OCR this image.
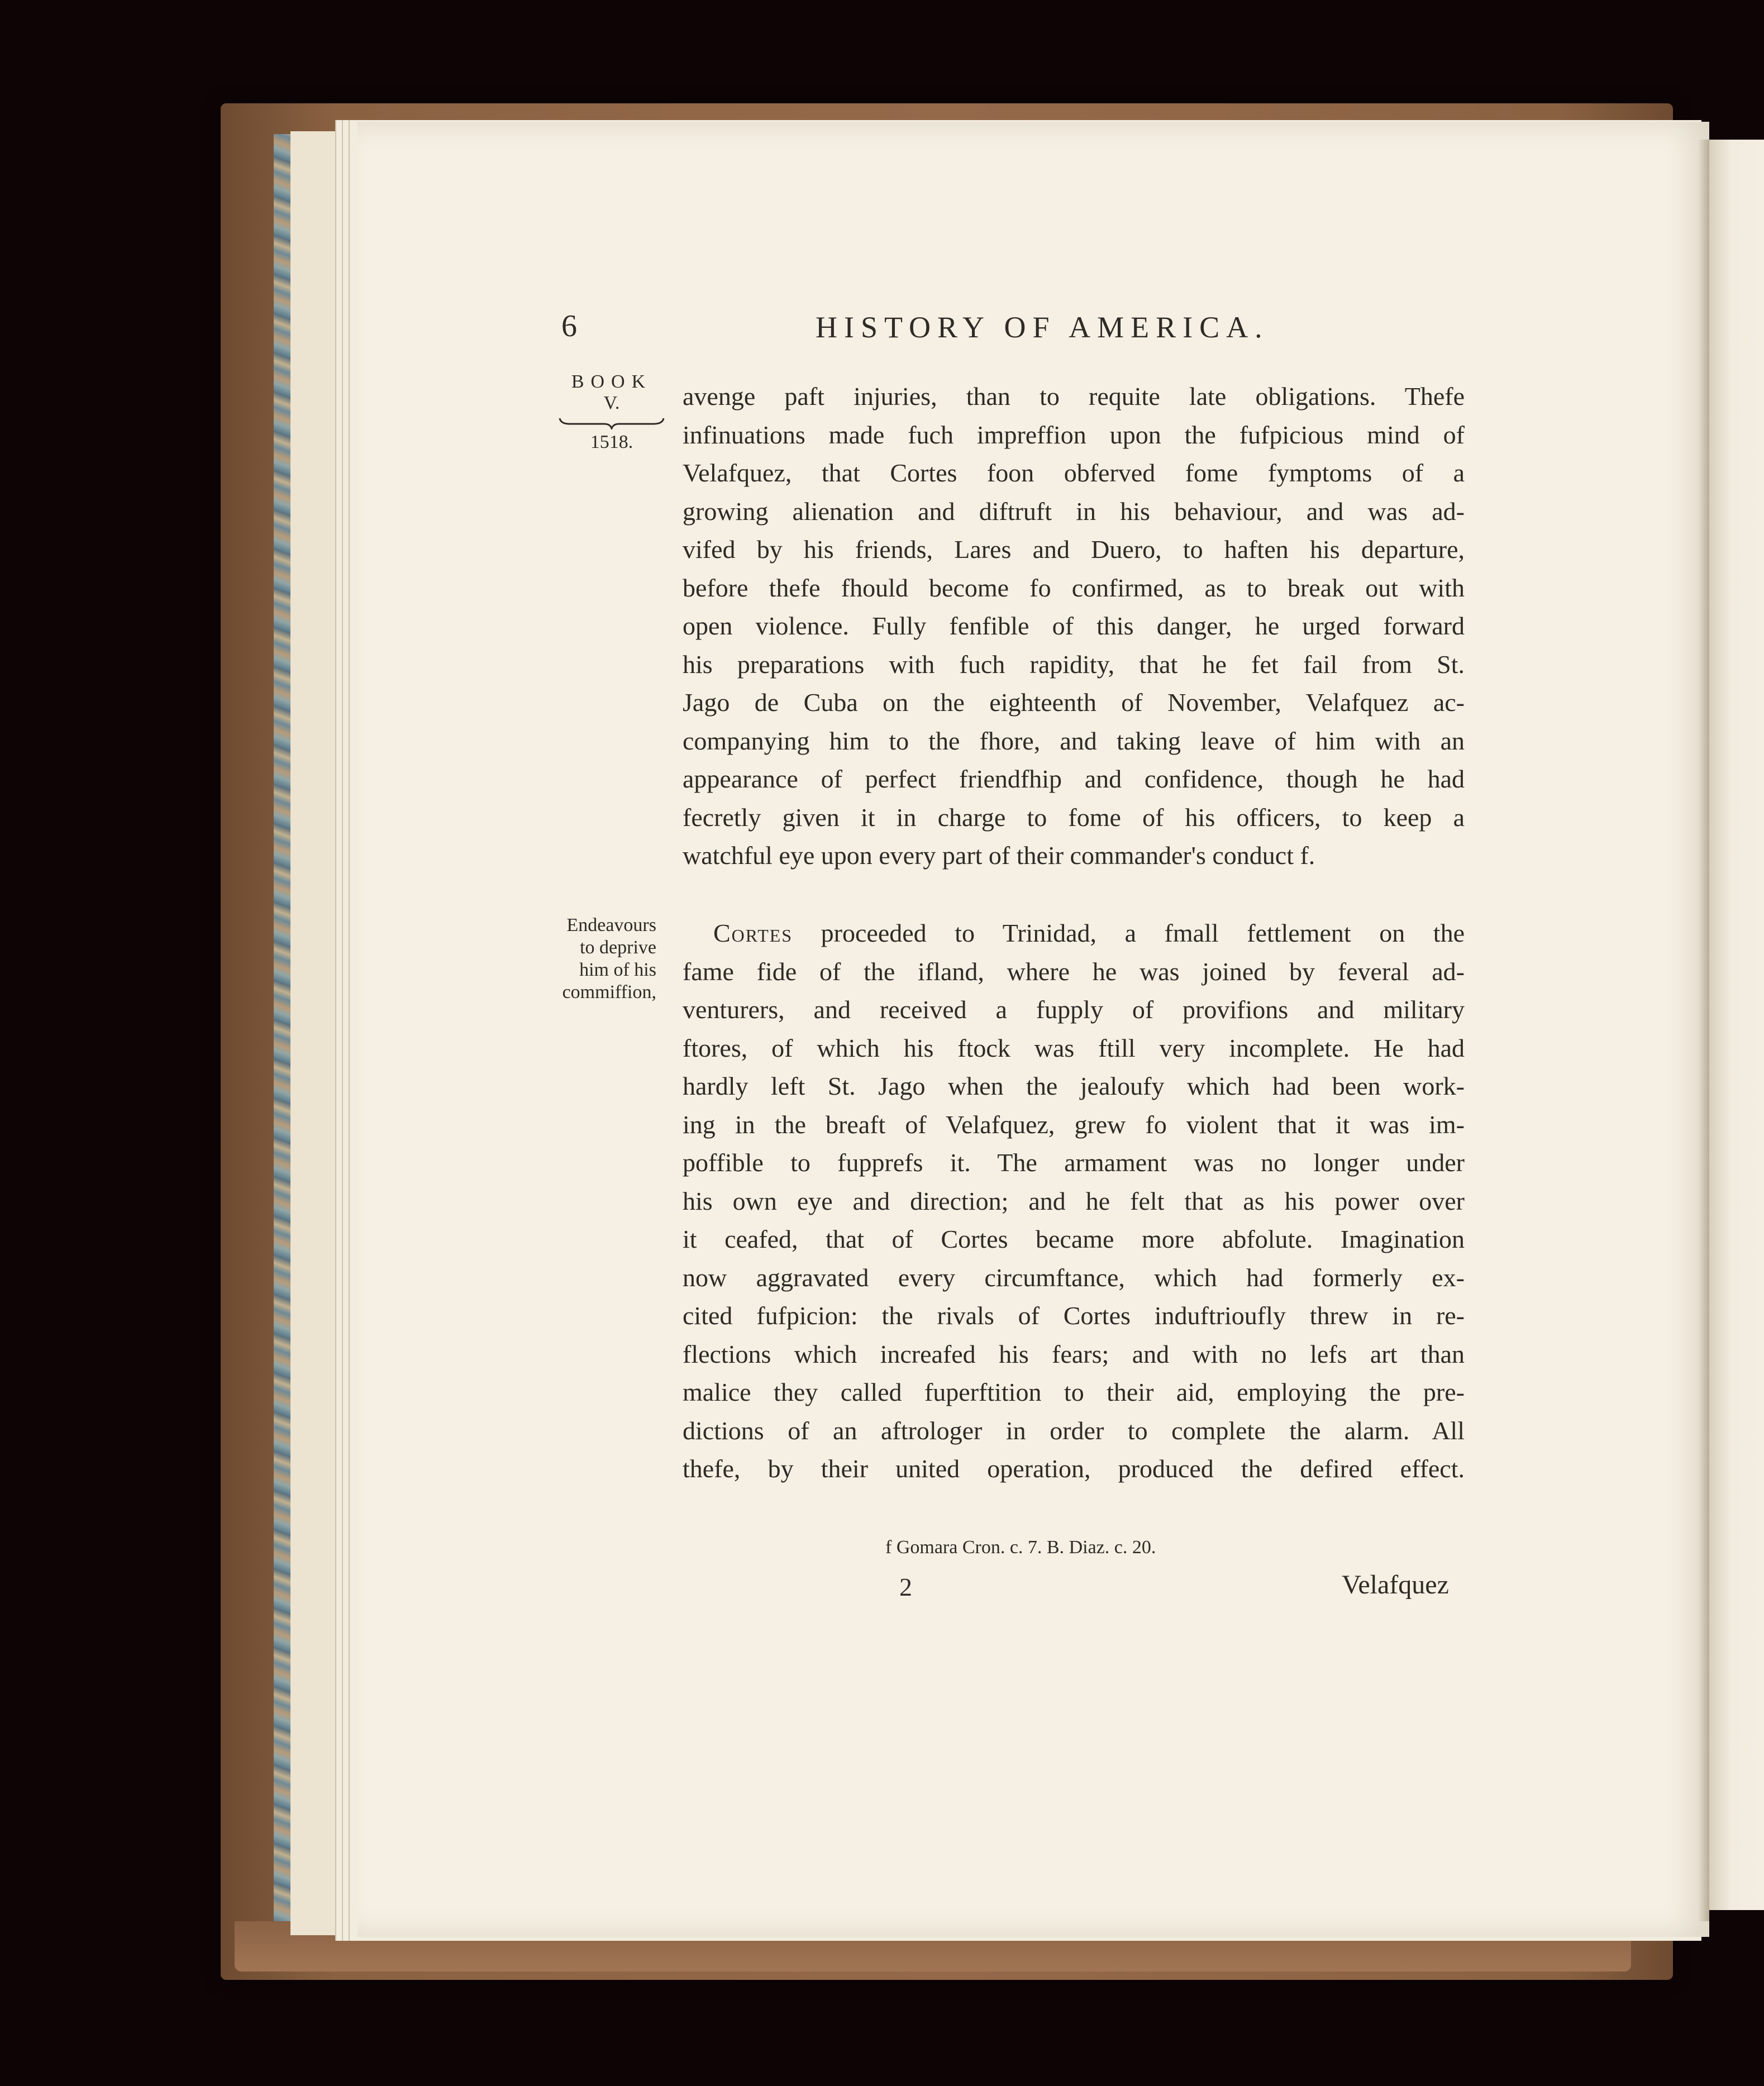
6	HISTORY OF AMERICA.
BOOK
V.
1518.
Endeavours
to deprive
him of his
commiffion,
avenge paft injuries, than to requite late obligations. Thefe
infinuations made fuch impreffion upon the fufpicious mind of
Velafquez, that Cortes foon obferved fome fymptoms of a
growing alienation and diftruft in his behaviour, and was ad-
vifed by his friends, Lares and Duero, to haften his departure,
before thefe fhould become fo confirmed, as to break out with
open violence. Fully fenfible of this danger, he urged forward
his preparations with fuch rapidity, that he fet fail from St.
Jago de Cuba on the eighteenth of November, Velafquez ac-
companying him to the fhore, and taking leave of him with an
appearance of perfect friendfhip and confidence, though he had
fecretly given it in charge to fome of his officers, to keep a
watchful eye upon every part of their commander's conduct f.
Cortes proceeded to Trinidad, a fmall fettlement on the
fame fide of the ifland, where he was joined by feveral ad-
venturers, and received a fupply of provifions and military
ftores, of which his ftock was ftill very incomplete. He had
hardly left St. Jago when the jealoufy which had been work-
ing in the breaft of Velafquez, grew fo violent that it was im-
poffible to fupprefs it. The armament was no longer under
his own eye and direction; and he felt that as his power over
it ceafed, that of Cortes became more abfolute. Imagination
now aggravated every circumftance, which had formerly ex-
cited fufpicion: the rivals of Cortes induftrioufly threw in re-
flections which increafed his fears; and with no lefs art than
malice they called fuperftition to their aid, employing the pre-
dictions of an aftrologer in order to complete the alarm. All
thefe, by their united operation, produced the defired effect.
f Gomara Cron. c. 7. B. Diaz. c. 20.
2	Velafquez
